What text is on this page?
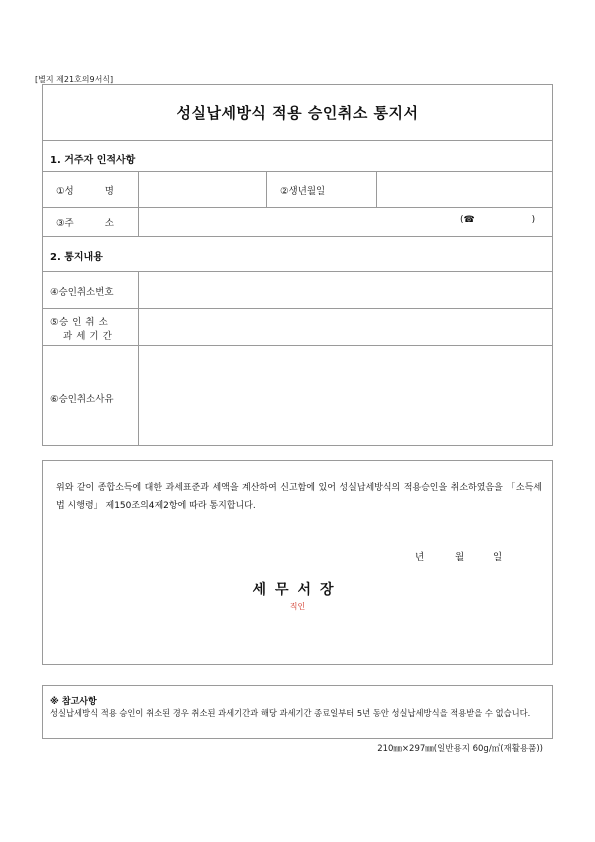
[별지 제21호의9서식]
성실납세방식 적용 승인취소 통지서
1. 거주자 인적사항
①성 명	②생년월일
③주 소	(☎ )
2. 통지내용
④승인취소번호
⑤승 인 취 소
과 세 기 간
⑥승인취소사유
위와 같이 종합소득에 대한 과세표준과 세액을 계산하여 신고함에 있어 성실납세방식의 적용승인을 취소하였음을 「소득세법 시행령」 제150조의4제2항에 따라 통지합니다.
년	월	일
세무서장
직인
※ 참고사항
성실납세방식 적용 승인이 취소된 경우 취소된 과세기간과 해당 과세기간 종료일부터 5년 동안 성실납세방식을 적용받을 수 없습니다.
210㎜×297㎜(일반용지 60g/㎡(재활용품))
